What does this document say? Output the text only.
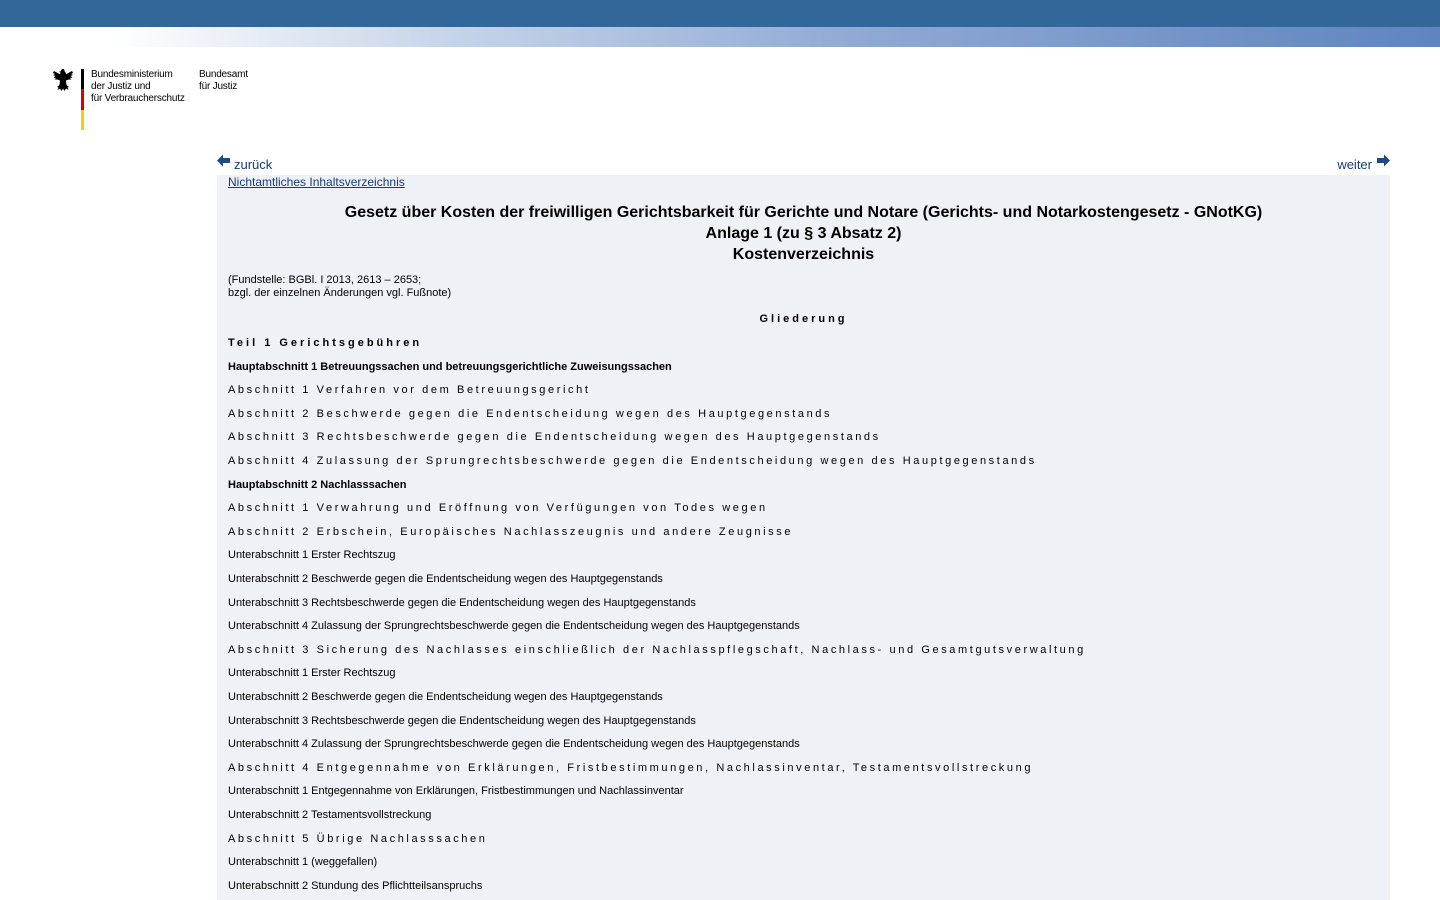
Bundesministerium
der Justiz und
für Verbraucherschutz
Bundesamt
für Justiz
zurück	weiter
Nichtamtliches Inhaltsverzeichnis
Gesetz über Kosten der freiwilligen Gerichtsbarkeit für Gerichte und Notare (Gerichts- und Notarkostengesetz - GNotKG)
Anlage 1 (zu § 3 Absatz 2)
Kostenverzeichnis
(Fundstelle: BGBl. I 2013, 2613 – 2653;
bzgl. der einzelnen Änderungen vgl. Fußnote)
Gliederung
Teil 1 Gerichtsgebühren
Hauptabschnitt 1 Betreuungssachen und betreuungsgerichtliche Zuweisungssachen
Abschnitt 1 Verfahren vor dem Betreuungsgericht
Abschnitt 2 Beschwerde gegen die Endentscheidung wegen des Hauptgegenstands
Abschnitt 3 Rechtsbeschwerde gegen die Endentscheidung wegen des Hauptgegenstands
Abschnitt 4 Zulassung der Sprungrechtsbeschwerde gegen die Endentscheidung wegen des Hauptgegenstands
Hauptabschnitt 2 Nachlasssachen
Abschnitt 1 Verwahrung und Eröffnung von Verfügungen von Todes wegen
Abschnitt 2 Erbschein, Europäisches Nachlasszeugnis und andere Zeugnisse
Unterabschnitt 1 Erster Rechtszug
Unterabschnitt 2 Beschwerde gegen die Endentscheidung wegen des Hauptgegenstands
Unterabschnitt 3 Rechtsbeschwerde gegen die Endentscheidung wegen des Hauptgegenstands
Unterabschnitt 4 Zulassung der Sprungrechtsbeschwerde gegen die Endentscheidung wegen des Hauptgegenstands
Abschnitt 3 Sicherung des Nachlasses einschließlich der Nachlasspflegschaft, Nachlass- und Gesamtgutsverwaltung
Unterabschnitt 1 Erster Rechtszug
Unterabschnitt 2 Beschwerde gegen die Endentscheidung wegen des Hauptgegenstands
Unterabschnitt 3 Rechtsbeschwerde gegen die Endentscheidung wegen des Hauptgegenstands
Unterabschnitt 4 Zulassung der Sprungrechtsbeschwerde gegen die Endentscheidung wegen des Hauptgegenstands
Abschnitt 4 Entgegennahme von Erklärungen, Fristbestimmungen, Nachlassinventar, Testamentsvollstreckung
Unterabschnitt 1 Entgegennahme von Erklärungen, Fristbestimmungen und Nachlassinventar
Unterabschnitt 2 Testamentsvollstreckung
Abschnitt 5 Übrige Nachlasssachen
Unterabschnitt 1 (weggefallen)
Unterabschnitt 2 Stundung des Pflichtteilsanspruchs
